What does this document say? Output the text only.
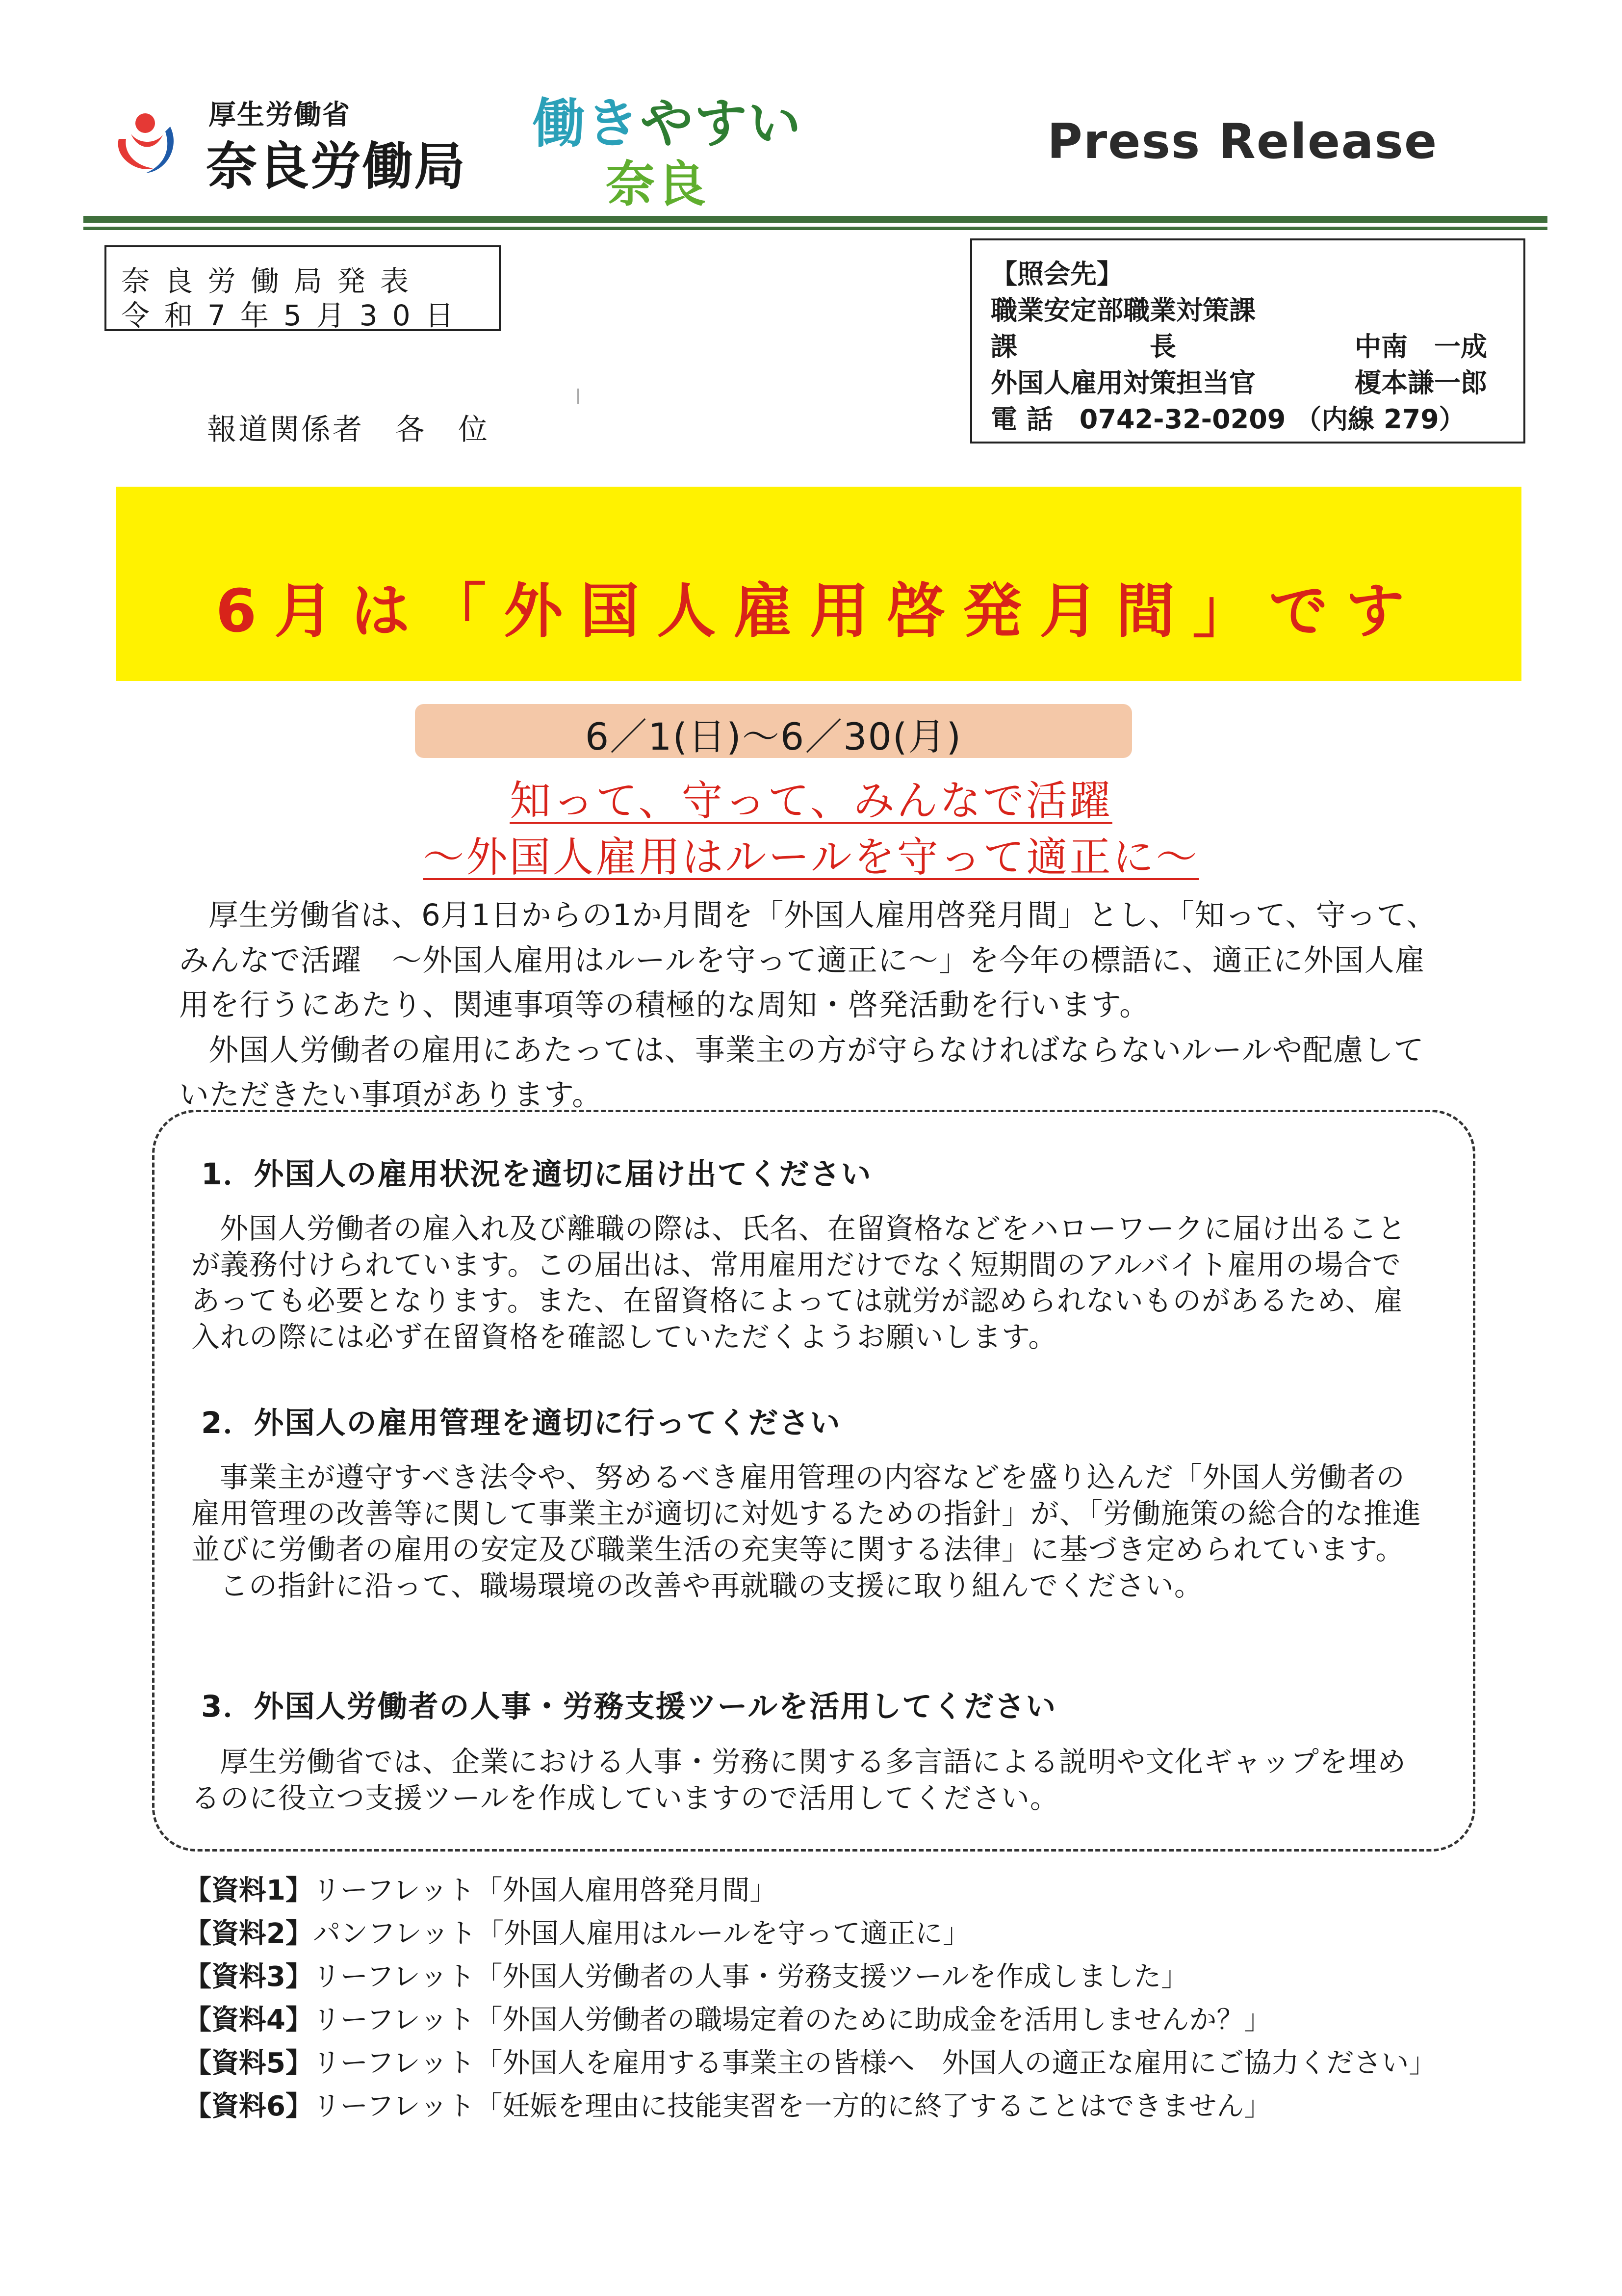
厚生労働省
奈良労働局
働きやすい
奈良
Press Release
奈良労働局発表
令和7年5月30日
報道関係者　各　位
【照会先】
職業安定部職業対策課
課　　　　　長	中南　一成
外国人雇用対策担当官	榎本謙一郎
電 話　0742-32-0209 （内線 279）
6月は「外国人雇用啓発月間」です
6／1(日)～6／30(月)
知って、守って、みんなで活躍
～外国人雇用はルールを守って適正に～

厚生労働省は、6月1日からの1か月間を「外国人雇用啓発月間」とし、「知って、守って、みんなで活躍　～外国人雇用はルールを守って適正に～」を今年の標語に、適正に外国人雇用を行うにあたり、関連事項等の積極的な周知・啓発活動を行います。

外国人労働者の雇用にあたっては、事業主の方が守らなければならないルールや配慮していただきたい事項があります。

1．外国人の雇用状況を適切に届け出てください

外国人労働者の雇入れ及び離職の際は、氏名、在留資格などをハローワークに届け出ることが義務付けられています。この届出は、常用雇用だけでなく短期間のアルバイト雇用の場合であっても必要となります。また、在留資格によっては就労が認められないものがあるため、雇入れの際には必ず在留資格を確認していただくようお願いします。

2．外国人の雇用管理を適切に行ってください

事業主が遵守すべき法令や、努めるべき雇用管理の内容などを盛り込んだ「外国人労働者の雇用管理の改善等に関して事業主が適切に対処するための指針」が、「労働施策の総合的な推進並びに労働者の雇用の安定及び職業生活の充実等に関する法律」に基づき定められています。

この指針に沿って、職場環境の改善や再就職の支援に取り組んでください。

3．外国人労働者の人事・労務支援ツールを活用してください

厚生労働省では、企業における人事・労務に関する多言語による説明や文化ギャップを埋めるのに役立つ支援ツールを作成していますので活用してください。

【資料1】リーフレット「外国人雇用啓発月間」
【資料2】パンフレット「外国人雇用はルールを守って適正に」
【資料3】リーフレット「外国人労働者の人事・労務支援ツールを作成しました」
【資料4】リーフレット「外国人労働者の職場定着のために助成金を活用しませんか？」
【資料5】リーフレット「外国人を雇用する事業主の皆様へ　外国人の適正な雇用にご協力ください」
【資料6】リーフレット「妊娠を理由に技能実習を一方的に終了することはできません」
